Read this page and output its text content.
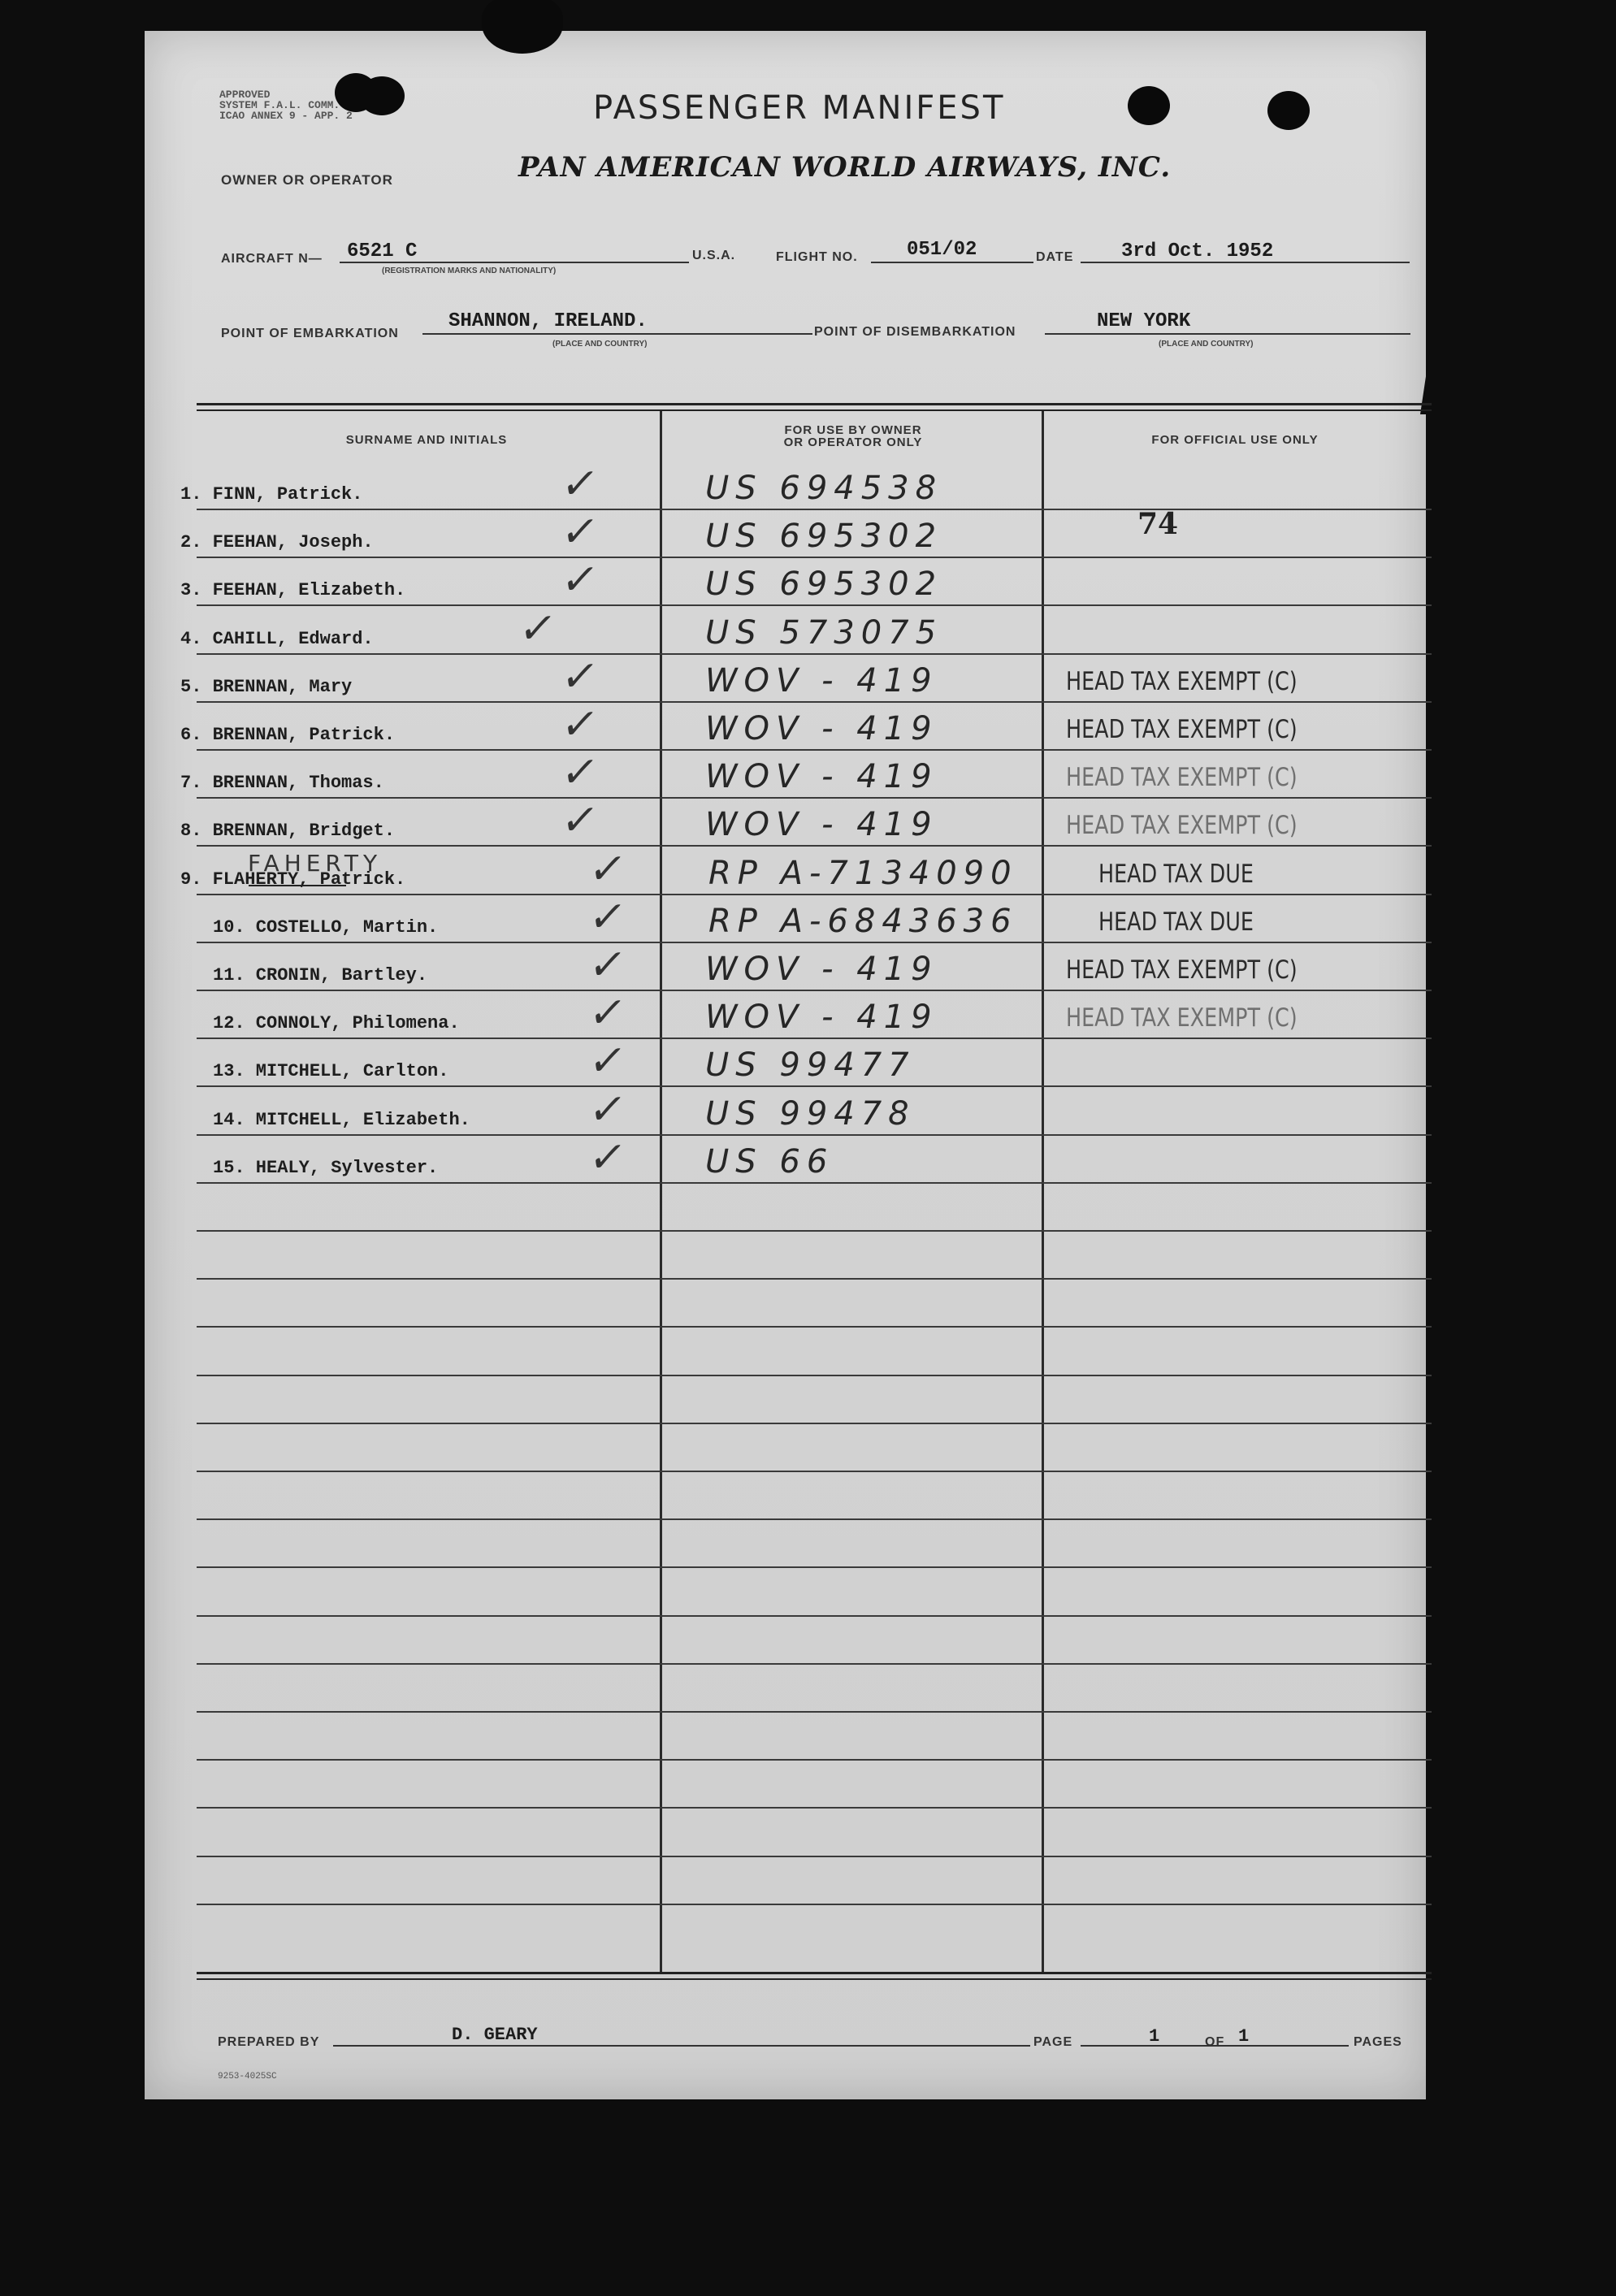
APPROVED
SYSTEM F.A.L. COMM.
ICAO ANNEX 9 - APP. 2
OWNER OR OPERATOR
PASSENGER MANIFEST
PAN AMERICAN WORLD AIRWAYS, INC.
AIRCRAFT N— 6521 C
(REGISTRATION MARKS AND NATIONALITY)
U.S.A.	FLIGHT NO.	051/02	DATE 3rd Oct. 1952
POINT OF EMBARKATION
SHANNON, IRELAND.
(PLACE AND COUNTRY)
POINT OF DISEMBARKATION	NEW YORK
(PLACE AND COUNTRY)
SURNAME AND INITIALS
FOR USE BY OWNER
OR OPERATOR ONLY	FOR OFFICIAL USE ONLY
1. FINN, Patrick.	✓	US 694538
2. FEEHAN, Joseph.	✓	US 695302
3. FEEHAN, Elizabeth.	✓	US 695302
4. CAHILL, Edward.	✓	US 573075
5. BRENNAN, Mary	✓	WOV - 419	HEAD TAX EXEMPT (C)
6. BRENNAN, Patrick.	✓	WOV - 419	HEAD TAX EXEMPT (C)
7. BRENNAN, Thomas.	✓	WOV - 419	HEAD TAX EXEMPT (C)
8. BRENNAN, Bridget.	✓	WOV - 419	HEAD TAX EXEMPT (C)
9. FLAHERTY, Patrick.	✓ RP A-7134090	HEAD TAX DUE
10. COSTELLO, Martin.	✓ RP A-6843636	HEAD TAX DUE
11. CRONIN, Bartley.	✓ WOV - 419	HEAD TAX EXEMPT (C)
12. CONNOLY, Philomena.	✓ WOV - 419	HEAD TAX EXEMPT (C)
13. MITCHELL, Carlton.	✓ US 99477
14. MITCHELL, Elizabeth.	✓ US 99478
15. HEALY, Sylvester.	✓ US 66
74
FAHERTY
PREPARED BY	D. GEARY	PAGE	1	OF 1	PAGES
9253-4025SC
